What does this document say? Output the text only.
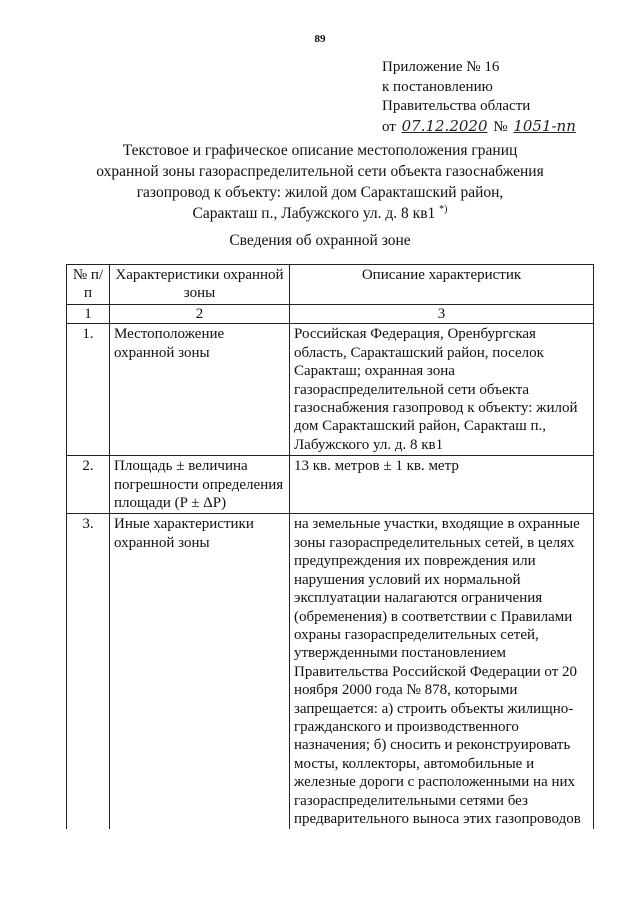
89
Приложение № 16
к постановлению
Правительства области
от 07.12.2020 № 1051-пп
Текстовое и графическое описание местоположения границ
охранной зоны газораспределительной сети объекта газоснабжения
газопровод к объекту: жилой дом Саракташский район,
Саракташ п., Лабужского ул. д. 8 кв1 *)
Сведения об охранной зоне
№ п/п	Характеристики охранной зоны	Описание характеристик
1	2	3
1.	Местоположение охранной зоны	Российская Федерация, Оренбургская область, Саракташский район, поселок Саракташ; охранная зона газораспределительной сети объекта газоснабжения газопровод к объекту: жилой дом Саракташский район, Саракташ п., Лабужского ул. д. 8 кв1
2.	Площадь ± величина погрешности определения площади (P ± ΔP)	13 кв. метров ± 1 кв. метр
3.	Иные характеристики охранной зоны	на земельные участки, входящие в охранные зоны газораспределительных сетей, в целях предупреждения их повреждения или нарушения условий их нормальной эксплуатации налагаются ограничения (обременения) в соответствии с Правилами охраны газораспределительных сетей, утвержденными постановлением Правительства Российской Федерации от 20 ноября 2000 года № 878, которыми запрещается: а) строить объекты жилищно-гражданского и производственного назначения; б) сносить и реконструировать мосты, коллекторы, автомобильные и железные дороги с расположенными на них газораспределительными сетями без предварительного выноса этих газопроводов
